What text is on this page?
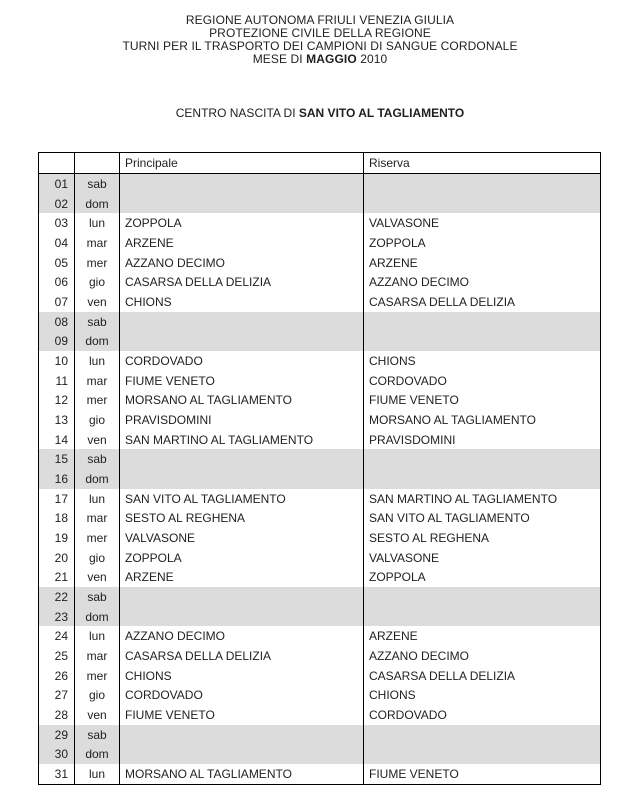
REGIONE AUTONOMA FRIULI VENEZIA GIULIA
PROTEZIONE CIVILE DELLA REGIONE
TURNI PER IL TRASPORTO DEI CAMPIONI DI SANGUE CORDONALE
MESE DI MAGGIO 2010
CENTRO NASCITA DI SAN VITO AL TAGLIAMENTO
		Principale	Riserva
01	sab		
02	dom		
03	lun	ZOPPOLA	VALVASONE
04	mar	ARZENE	ZOPPOLA
05	mer	AZZANO DECIMO	ARZENE
06	gio	CASARSA DELLA DELIZIA	AZZANO DECIMO
07	ven	CHIONS	CASARSA DELLA DELIZIA
08	sab		
09	dom		
10	lun	CORDOVADO	CHIONS
11	mar	FIUME VENETO	CORDOVADO
12	mer	MORSANO AL TAGLIAMENTO	FIUME VENETO
13	gio	PRAVISDOMINI	MORSANO AL TAGLIAMENTO
14	ven	SAN MARTINO AL TAGLIAMENTO	PRAVISDOMINI
15	sab		
16	dom		
17	lun	SAN VITO AL TAGLIAMENTO	SAN MARTINO AL TAGLIAMENTO
18	mar	SESTO AL REGHENA	SAN VITO AL TAGLIAMENTO
19	mer	VALVASONE	SESTO AL REGHENA
20	gio	ZOPPOLA	VALVASONE
21	ven	ARZENE	ZOPPOLA
22	sab		
23	dom		
24	lun	AZZANO DECIMO	ARZENE
25	mar	CASARSA DELLA DELIZIA	AZZANO DECIMO
26	mer	CHIONS	CASARSA DELLA DELIZIA
27	gio	CORDOVADO	CHIONS
28	ven	FIUME VENETO	CORDOVADO
29	sab		
30	dom		
31	lun	MORSANO AL TAGLIAMENTO	FIUME VENETO
